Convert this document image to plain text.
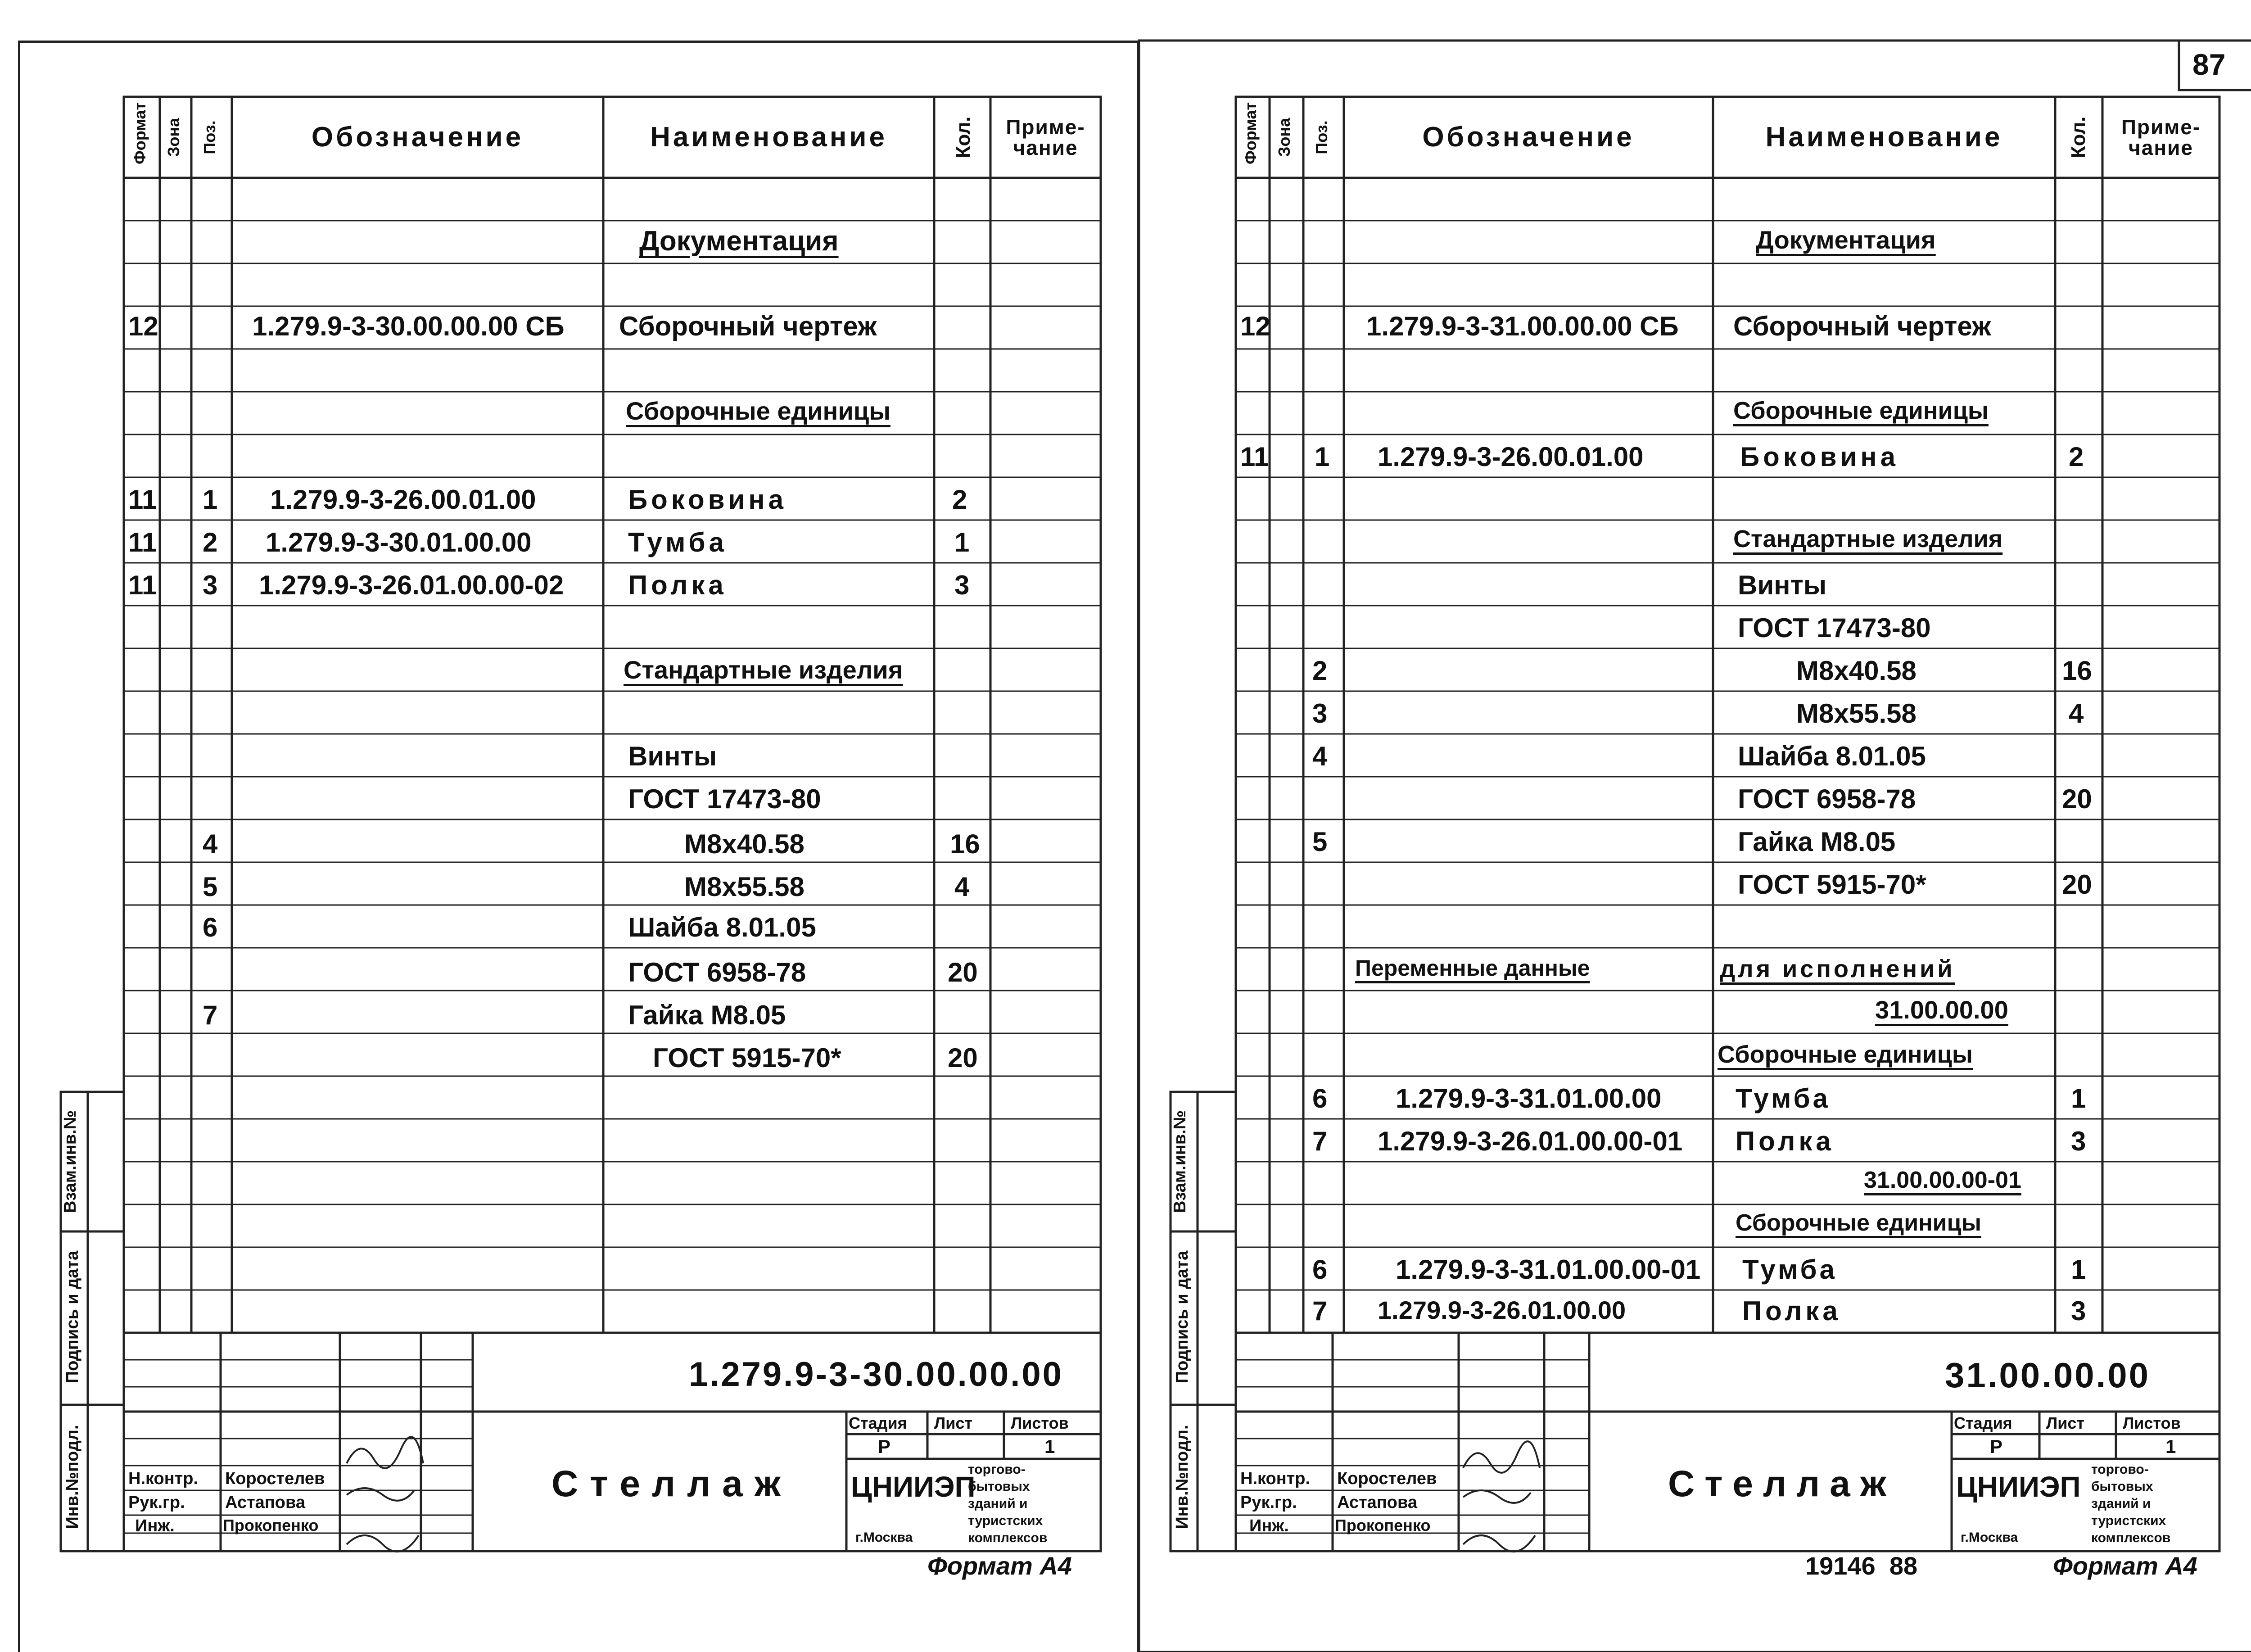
Формат Зона Поз.	Обозначение	Наименование	Кол. Приме-
чание
Документация
12	1.279.9-3-30.00.00.00 СБ Сборочный чертеж
Сборочные единицы
11 1 1.279.9-3-26.00.01.00	Боковина	2
11 2 1.279.9-3-30.01.00.00	Тумба	1
11 3 1.279.9-3-26.01.00.00-02 Полка	3
Стандартные изделия
Винты
ГОСТ 17473-80
4	М8х40.58	16
5	М8х55.58	4
6	Шайба 8.01.05
ГОСТ 6958-78	20
7	Гайка М8.05
ГОСТ 5915-70*	20
Инв.№подл.
Подпись и дата
Взам.инв.№
1.279.9-3-30.00.00.00
Стеллаж
Стадия Лист Листов
Р	1
Н.контр.
Рук.гр.
Инж.
Коростелев
Астапова
Прокопенко
ЦНИИЭП
г.Москва
торгово-
бытовых
зданий и
туристских
комплексов
Формат А4
87
Формат Зона Поз.	Обозначение	Наименование	Кол. Приме-
чание
Документация
12	1.279.9-3-31.00.00.00 СБ Сборочный чертеж
Сборочные единицы
11 1 1.279.9-3-26.00.01.00	Боковина	2
Стандартные изделия
Винты
ГОСТ 17473-80
2	М8х40.58	16
3	М8х55.58	4
4	Шайба 8.01.05
ГОСТ 6958-78	20
5	Гайка М8.05
ГОСТ 5915-70*	20
Переменные данные	для исполнений
31.00.00.00
Сборочные единицы
6	1.279.9-3-31.01.00.00	Тумба	1
7 1.279.9-3-26.01.00.00-01 Полка	3
31.00.00.00-01
Сборочные единицы
6	1.279.9-3-31.01.00.00-01 Тумба	1
7 1.279.9-3-26.01.00.00	Полка	3
Инв.№подл.
Подпись и дата
Взам.инв.№
31.00.00.00
Стеллаж
Стадия Лист Листов
Р	1
Н.контр.
Рук.гр.
Инж.
Коростелев
Астапова
Прокопенко
ЦНИИЭП
г.Москва
торгово-
бытовых
зданий и
туристских
комплексов
19146  88	Формат А4
